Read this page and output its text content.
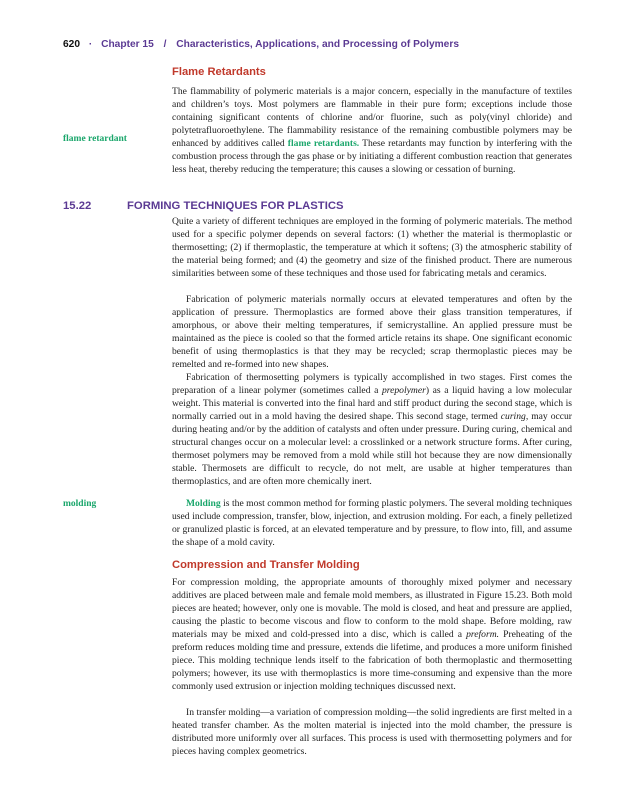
620 · Chapter 15 / Characteristics, Applications, and Processing of Polymers
Flame Retardants

The flammability of polymeric materials is a major concern, especially in the manufacture of textiles and children’s toys. Most polymers are flammable in their pure form; exceptions include those containing significant contents of chlorine and/or fluorine, such as poly(vinyl chloride) and polytetrafluoroethylene. The flammability resistance of the remaining combustible polymers may be enhanced by additives called flame retardants. These retardants may function by interfering with the combustion process through the gas phase or by initiating a different combustion reaction that generates less heat, thereby reducing the temperature; this causes a slowing or cessation of burning.

flame retardant
15.22	FORMING TECHNIQUES FOR PLASTICS

Quite a variety of different techniques are employed in the forming of polymeric materials. The method used for a specific polymer depends on several factors: (1) whether the material is thermoplastic or thermosetting; (2) if thermoplastic, the temperature at which it softens; (3) the atmospheric stability of the material being formed; and (4) the geometry and size of the finished product. There are numerous similarities between some of these techniques and those used for fabricating metals and ceramics.

Fabrication of polymeric materials normally occurs at elevated temperatures and often by the application of pressure. Thermoplastics are formed above their glass transition temperatures, if amorphous, or above their melting temperatures, if semicrystalline. An applied pressure must be maintained as the piece is cooled so that the formed article retains its shape. One significant economic benefit of using thermoplastics is that they may be recycled; scrap thermoplastic pieces may be remelted and re-formed into new shapes.

Fabrication of thermosetting polymers is typically accomplished in two stages. First comes the preparation of a linear polymer (sometimes called a prepolymer) as a liquid having a low molecular weight. This material is converted into the final hard and stiff product during the second stage, which is normally carried out in a mold having the desired shape. This second stage, termed curing, may occur during heating and/or by the addition of catalysts and often under pressure. During curing, chemical and structural changes occur on a molecular level: a crosslinked or a network structure forms. After curing, thermoset polymers may be removed from a mold while still hot because they are now dimensionally stable. Thermosets are difficult to recycle, do not melt, are usable at higher temperatures than thermoplastics, and are often more chemically inert.

molding	Molding is the most common method for forming plastic polymers. The several molding techniques used include compression, transfer, blow, injection, and extrusion molding. For each, a finely pelletized or granulized plastic is forced, at an elevated temperature and by pressure, to flow into, fill, and assume the shape of a mold cavity.

Compression and Transfer Molding

For compression molding, the appropriate amounts of thoroughly mixed polymer and necessary additives are placed between male and female mold members, as illustrated in Figure 15.23. Both mold pieces are heated; however, only one is movable. The mold is closed, and heat and pressure are applied, causing the plastic to become viscous and flow to conform to the mold shape. Before molding, raw materials may be mixed and cold-pressed into a disc, which is called a preform. Preheating of the preform reduces molding time and pressure, extends die lifetime, and produces a more uniform finished piece. This molding technique lends itself to the fabrication of both thermoplastic and thermosetting polymers; however, its use with thermoplastics is more time-consuming and expensive than the more commonly used extrusion or injection molding techniques discussed next.

In transfer molding—a variation of compression molding—the solid ingredients are first melted in a heated transfer chamber. As the molten material is injected into the mold chamber, the pressure is distributed more uniformly over all surfaces. This process is used with thermosetting polymers and for pieces having complex geometrics.
